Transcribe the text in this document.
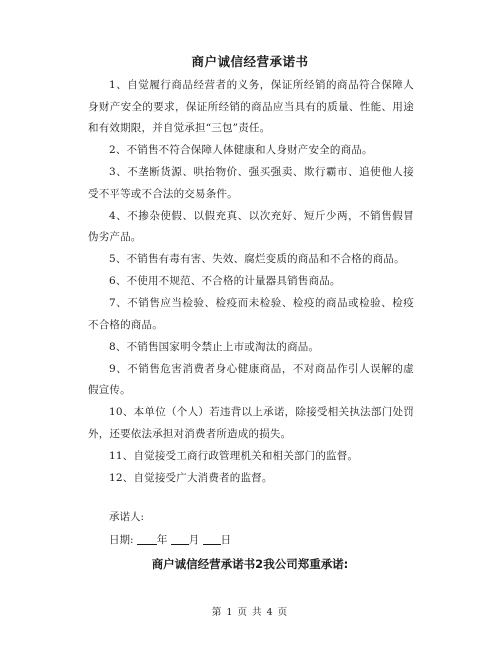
商户诚信经营承诺书

1、自觉履行商品经营者的义务，保证所经销的商品符合保障人身财产安全的要求，保证所经销的商品应当具有的质量、性能、用途和有效期限，并自觉承担“三包”责任。

2、不销售不符合保障人体健康和人身财产安全的商品。

3、不垄断货源、哄抬物价、强买强卖、欺行霸市、追使他人接受不平等或不合法的交易条件。

4、不掺杂使假、以假充真、以次充好、短斤少两，不销售假冒伪劣产品。

5、不销售有毒有害、失效、腐烂变质的商品和不合格的商品。

6、不使用不规范、不合格的计量器具销售商品。

7、不销售应当检验、检疫而未检验、检疫的商品或检验、检疫不合格的商品。

8、不销售国家明令禁止上市或淘汰的商品。

9、不销售危害消费者身心健康商品，不对商品作引人误解的虚假宣传。

10、本单位（个人）若违背以上承诺，除接受相关执法部门处罚外，还要依法承担对消费者所造成的损失。

11、自觉接受工商行政管理机关和相关部门的监督。

12、自觉接受广大消费者的监督。

承诺人:
日期: 年 月 日
商户诚信经营承诺书2我公司郑重承诺:
第 1 页 共 4 页
